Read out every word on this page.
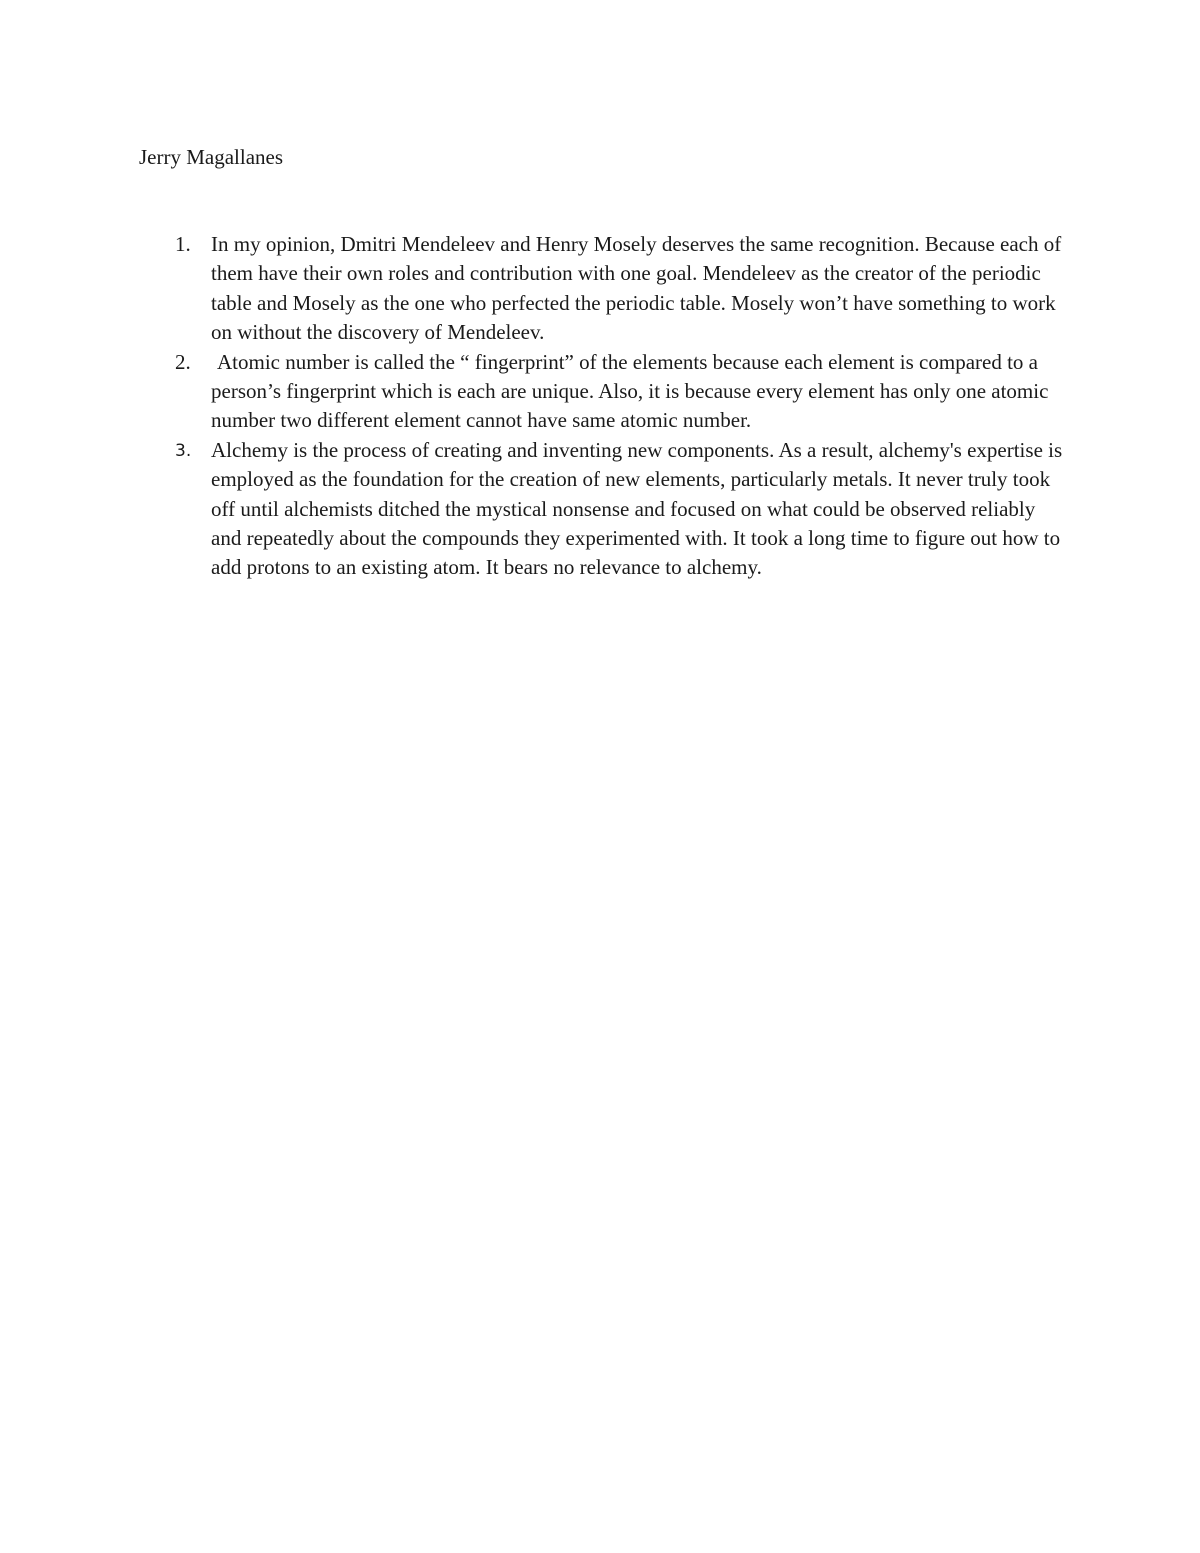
Jerry Magallanes
1. In my opinion, Dmitri Mendeleev and Henry Mosely deserves the same recognition. Because each of them have their own roles and contribution with one goal. Mendeleev as the creator of the periodic table and Mosely as the one who perfected the periodic table. Mosely won’t have something to work on without the discovery of Mendeleev.
2.	Atomic number is called the “ fingerprint” of the elements because each element is compared to a person’s fingerprint which is each are unique. Also, it is because every element has only one atomic number two different element cannot have same atomic number.
3. Alchemy is the process of creating and inventing new components. As a result, alchemy's expertise is employed as the foundation for the creation of new elements, particularly metals. It never truly took off until alchemists ditched the mystical nonsense and focused on what could be observed reliably and repeatedly about the compounds they experimented with. It took a long time to figure out how to add protons to an existing atom. It bears no relevance to alchemy.
